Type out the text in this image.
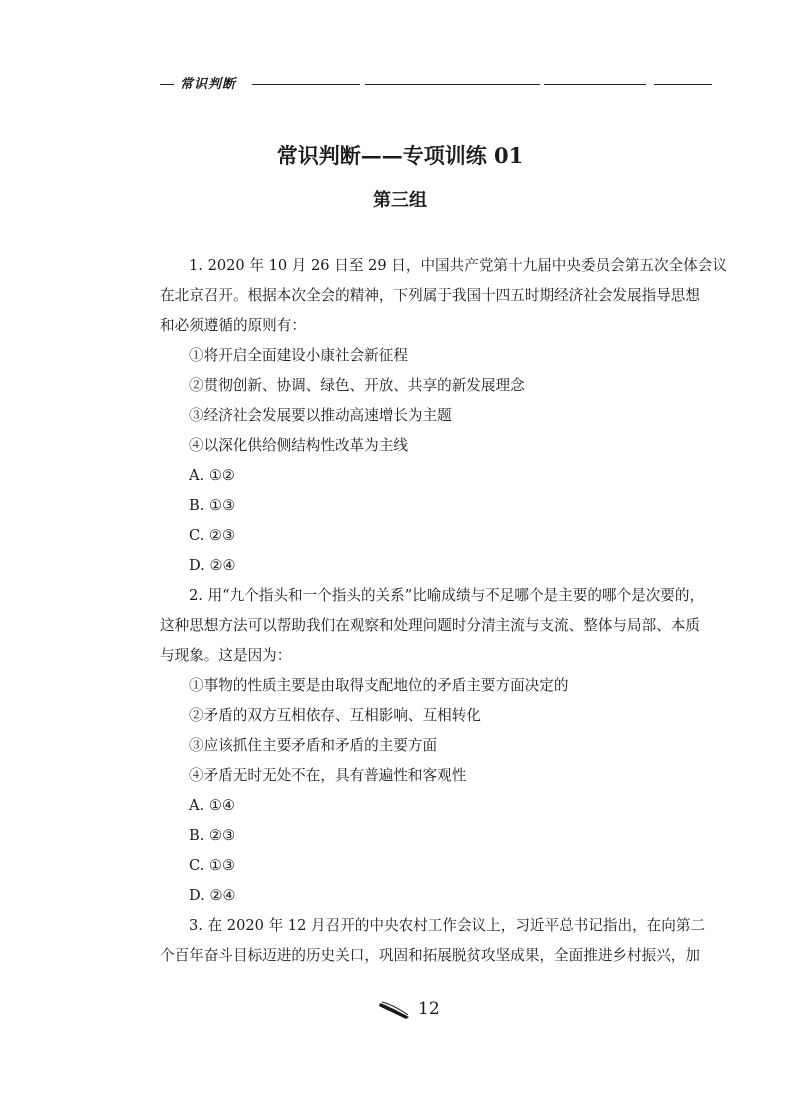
常识判断
常识判断——专项训练 01
第三组
1. 2020 年 10 月 26 日至 29 日，中国共产党第十九届中央委员会第五次全体会议
在北京召开。根据本次全会的精神，下列属于我国十四五时期经济社会发展指导思想
和必须遵循的原则有：
①将开启全面建设小康社会新征程
②贯彻创新、协调、绿色、开放、共享的新发展理念
③经济社会发展要以推动高速增长为主题
④以深化供给侧结构性改革为主线
A. ①②
B. ①③
C. ②③
D. ②④
2. 用“九个指头和一个指头的关系”比喻成绩与不足哪个是主要的哪个是次要的，
这种思想方法可以帮助我们在观察和处理问题时分清主流与支流、整体与局部、本质
与现象。这是因为：
①事物的性质主要是由取得支配地位的矛盾主要方面决定的
②矛盾的双方互相依存、互相影响、互相转化
③应该抓住主要矛盾和矛盾的主要方面
④矛盾无时无处不在，具有普遍性和客观性
A. ①④
B. ②③
C. ①③
D. ②④
3. 在 2020 年 12 月召开的中央农村工作会议上，习近平总书记指出，在向第二
个百年奋斗目标迈进的历史关口，巩固和拓展脱贫攻坚成果，全面推进乡村振兴，加
12
